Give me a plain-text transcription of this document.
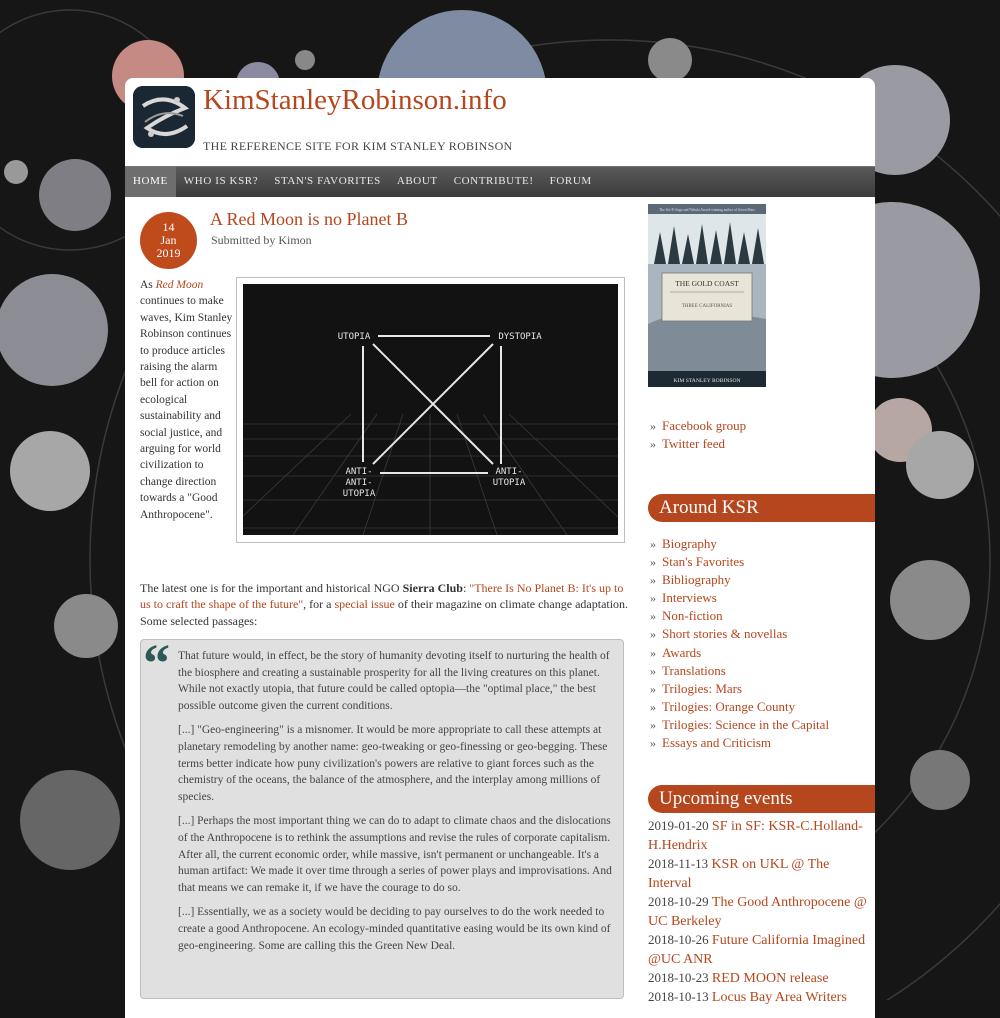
KimStanleyRobinson.info
THE REFERENCE SITE FOR KIM STANLEY ROBINSON
HOME	WHO IS KSR?	STAN'S FAVORITES	ABOUT	CONTRIBUTE!	FORUM
14
Jan
2019
A Red Moon is no Planet B
Submitted by Kimon
As Red Moon continues to make waves, Kim Stanley Robinson continues to produce articles raising the alarm bell for action on ecological sustainability and social justice, and arguing for world civilization to change direction towards a "Good Anthropocene".
UTOPIA	DYSTOPIA
ANTI-
ANTI-
UTOPIA
ANTI-
UTOPIA
The latest one is for the important and historical NGO Sierra Club: "There Is No Planet B: It's up to us to craft the shape of the future", for a special issue of their magazine on climate change adaptation. Some selected passages:
“ That future would, in effect, be the story of humanity devoting itself to nurturing the health of the biosphere and creating a sustainable prosperity for all the living creatures on this planet. While not exactly utopia, that future could be called optopia—the "optimal place," the best possible outcome given the current conditions.

[...] "Geo-engineering" is a misnomer. It would be more appropriate to call these attempts at planetary remodeling by another name: geo-tweaking or geo-finessing or geo-begging. These terms better indicate how puny civilization's powers are relative to giant forces such as the chemistry of the oceans, the balance of the atmosphere, and the interplay among millions of species.

[...] Perhaps the most important thing we can do to adapt to climate chaos and the dislocations of the Anthropocene is to rethink the assumptions and revise the rules of corporate capitalism. After all, the current economic order, while massive, isn't permanent or unchangeable. It's a human artifact: We made it over time through a series of power plays and improvisations. And that means we can remake it, if we have the courage to do so.

[...] Essentially, we as a society would be deciding to pay ourselves to do the work needed to create a good Anthropocene. An ecology-minded quantitative easing would be its own kind of geo-engineering. Some are calling this the Green New Deal.

The Sci-Fi Saga and Nebula Award-winning author of Green Mars
THE GOLD COAST
THREE CALIFORNIAS
KIM STANLEY ROBINSON
» Facebook group
» Twitter feed
Around KSR
» Biography
» Stan's Favorites
» Bibliography
» Interviews
» Non-fiction
» Short stories & novellas
» Awards
» Translations
» Trilogies: Mars
» Trilogies: Orange County
» Trilogies: Science in the Capital
» Essays and Criticism
Upcoming events
2019-01-20 SF in SF: KSR-C.Holland-H.Hendrix
2018-11-13 KSR on UKL @ The Interval
2018-10-29 The Good Anthropocene @ UC Berkeley
2018-10-26 Future California Imagined @UC ANR
2018-10-23 RED MOON release
2018-10-13 Locus Bay Area Writers
